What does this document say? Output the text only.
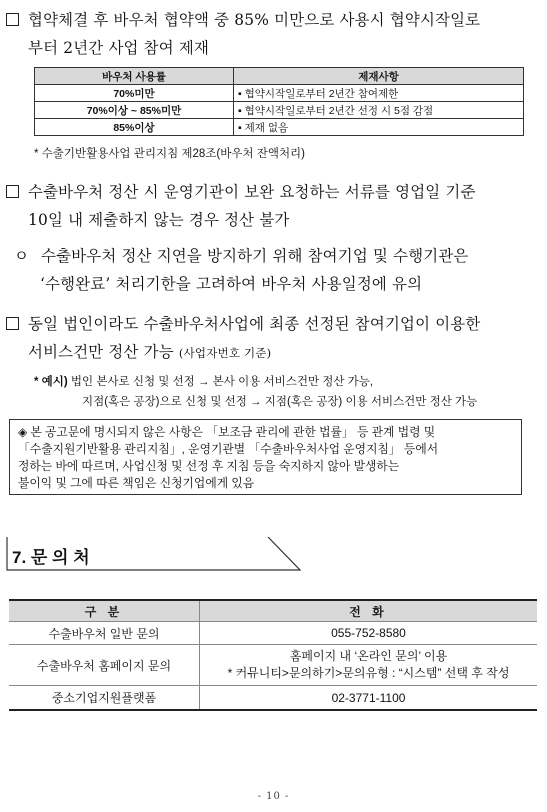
협약체결 후 바우처 협약액 중 85% 미만으로 사용시 협약시작일로
부터 2년간 사업 참여 제재
바우처 사용률	제재사항
70%미만	▪ 협약시작일로부터 2년간 참여제한
70%이상 ~ 85%미만	▪ 협약시작일로부터 2년간 선정 시 5점 감점
85%이상	▪ 제재 없음
* 수출기반활용사업 관리지침 제28조(바우처 잔액처리)
수출바우처 정산 시 운영기관이 보완 요청하는 서류를 영업일 기준
10일 내 제출하지 않는 경우 정산 불가
ㅇ 수출바우처 정산 지연을 방지하기 위해 참여기업 및 수행기관은
‘수행완료’ 처리기한을 고려하여 바우처 사용일정에 유의
동일 법인이라도 수출바우처사업에 최종 선정된 참여기업이 이용한
서비스건만 정산 가능 (사업자번호 기준)
* 예시) 법인 본사로 신청 및 선정 → 본사 이용 서비스건만 정산 가능,
지점(혹은 공장)으로 신청 및 선정 → 지점(혹은 공장) 이용 서비스건만 정산 가능
◈ 본 공고문에 명시되지 않은 사항은 「보조금 관리에 관한 법률」 등 관계 법령 및
「수출지원기반활용 관리지침」, 운영기관별 「수출바우처사업 운영지침」 등에서
정하는 바에 따르며, 사업신청 및 선정 후 지침 등을 숙지하지 않아 발생하는
불이익 및 그에 따른 책임은 신청기업에게 있음
7. 문 의 처
구 분	전 화
수출바우처 일반 문의	055-752-8580
수출바우처 홈페이지 문의	홈페이지 내 ‘온라인 문의’ 이용
* 커뮤니티>문의하기>문의유형 : “시스템” 선택 후 작성

중소기업지원플랫폼	02-3771-1100
- 10 -
